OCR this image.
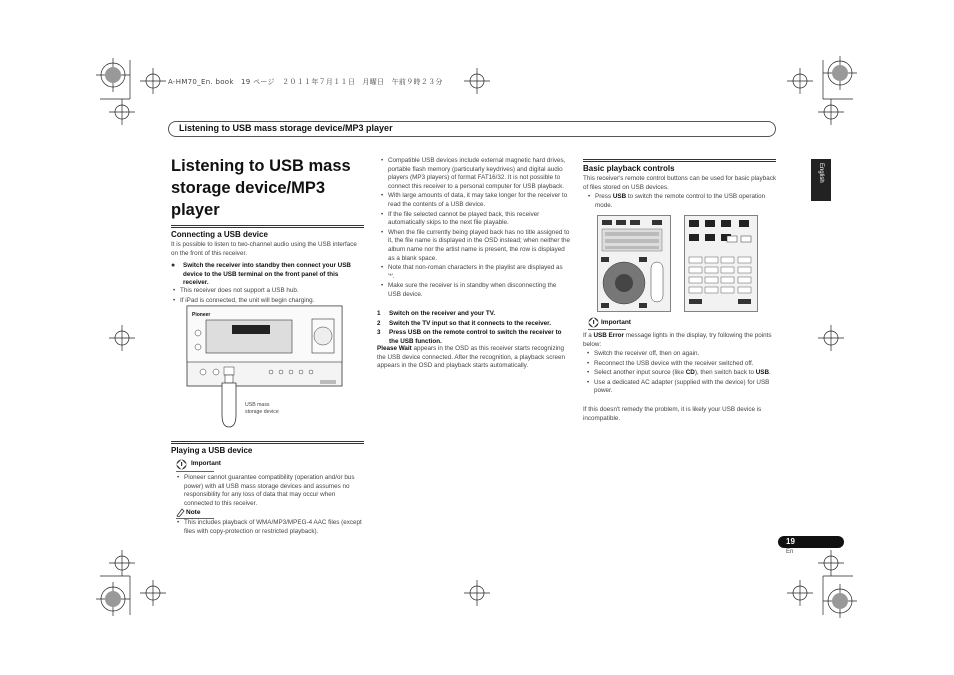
A-HM70_En. book　19 ページ　２０１１年７月１１日　月曜日　午前９時２３分
Listening to USB mass storage device/MP3 player
English
Listening to USB mass storage device/MP3 player
Connecting a USB device
It is possible to listen to two-channel audio using the USB interface on the front of this receiver.
●	Switch the receiver into standby then connect your USB device to the USB terminal on the front panel of this receiver.
• This receiver does not support a USB hub.
• If iPad is connected, the unit will begin charging.
Pioneer
USB mass
storage device
Playing a USB device
Important
• Pioneer cannot guarantee compatibility (operation and/or bus power) with all USB mass storage devices and assumes no responsibility for any loss of data that may occur when connected to this receiver.
Note
• This includes playback of WMA/MP3/MPEG-4 AAC files (except files with copy-protection or restricted playback).
• Compatible USB devices include external magnetic hard drives, portable flash memory (particularly keydrives) and digital audio players (MP3 players) of format FAT16/32. It is not possible to connect this receiver to a personal computer for USB playback.
• With large amounts of data, it may take longer for the receiver to read the contents of a USB device.
• If the file selected cannot be played back, this receiver automatically skips to the next file playable.
• When the file currently being played back has no title assigned to it, the file name is displayed in the OSD instead; when neither the album name nor the artist name is present, the row is displayed as a blank space.
• Note that non-roman characters in the playlist are displayed as '*'.
• Make sure the receiver is in standby when disconnecting the USB device.
1 Switch on the receiver and your TV.
2 Switch the TV input so that it connects to the receiver.
3 Press USB on the remote control to switch the receiver to the USB function.
Please Wait appears in the OSD as this receiver starts recognizing the USB device connected. After the recognition, a playback screen appears in the OSD and playback starts automatically.
Basic playback controls
This receiver's remote control buttons can be used for basic playback of files stored on USB devices.
• Press USB to switch the remote control to the USB operation mode.
Important
If a USB Error message lights in the display, try following the points below:
• Switch the receiver off, then on again.
• Reconnect the USB device with the receiver switched off.
• Select another input source (like CD), then switch back to USB.
• Use a dedicated AC adapter (supplied with the device) for USB power.
If this doesn't remedy the problem, it is likely your USB device is incompatible.
19
En
